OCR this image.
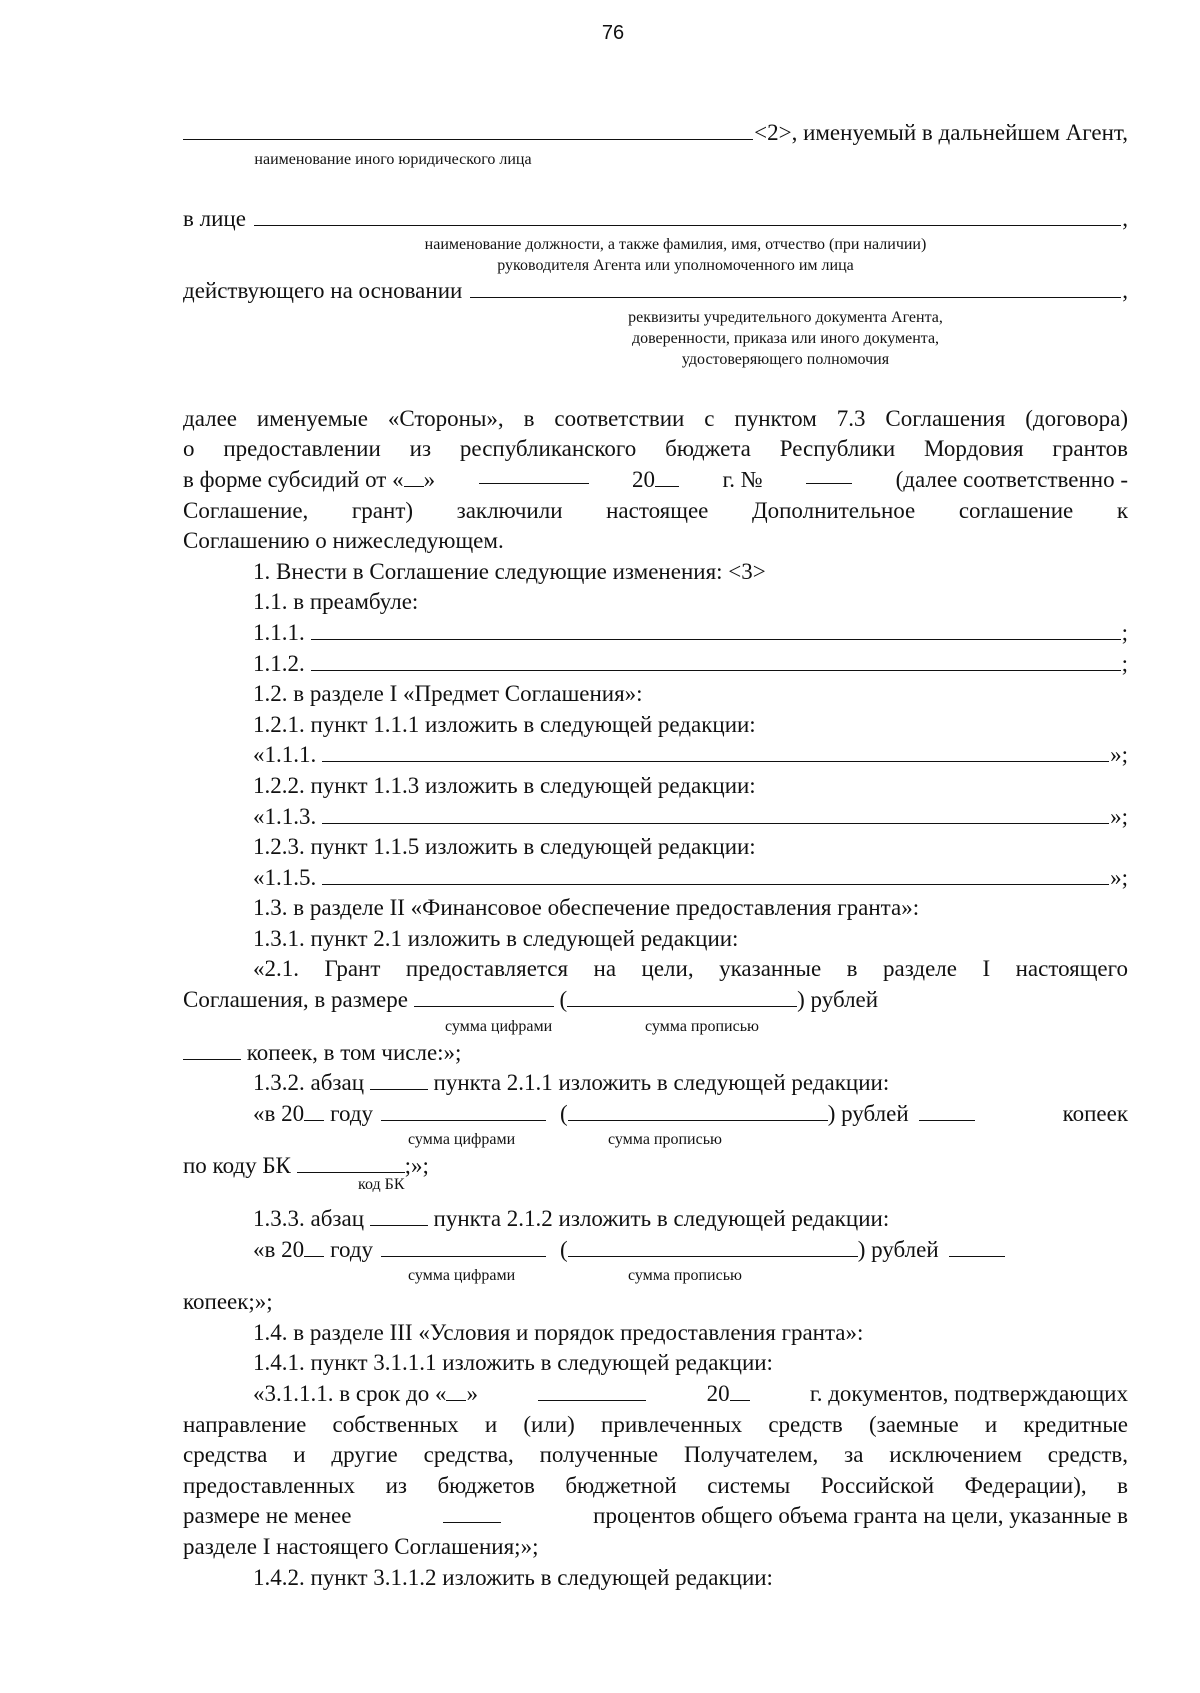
76
<2>, именуемый в дальнейшем Агент,
наименование иного юридического лица
в лице	,
наименование должности, а также фамилия, имя, отчество (при наличии)
руководителя Агента или уполномоченного им лица
действующего на основании	,
реквизиты учредительного документа Агента,
доверенности, приказа или иного документа,
удостоверяющего полномочия
далее именуемые «Стороны», в соответствии с пунктом 7.3 Соглашения (договора)
о предоставлении из республиканского бюджета Республики Мордовия грантов
в форме субсидий от « »	20	г. №	(далее соответственно -
Соглашение, грант) заключили настоящее Дополнительное соглашение к
Соглашению о нижеследующем.
1. Внести в Соглашение следующие изменения: <3>
1.1. в преамбуле:
1.1.1.	;
1.1.2.	;
1.2. в разделе I «Предмет Соглашения»:
1.2.1. пункт 1.1.1 изложить в следующей редакции:
«1.1.1.	»;
1.2.2. пункт 1.1.3 изложить в следующей редакции:
«1.1.3.	»;
1.2.3. пункт 1.1.5 изложить в следующей редакции:
«1.1.5.	»;
1.3. в разделе II «Финансовое обеспечение предоставления гранта»:
1.3.1. пункт 2.1 изложить в следующей редакции:
«2.1. Грант предоставляется на цели, указанные в разделе I настоящего
Соглашения, в размере	(	) рублей
сумма цифрами	сумма прописью
копеек, в том числе:»;
1.3.2. абзац	пункта 2.1.1 изложить в следующей редакции:
«в 20 году	(	) рублей	копеек
сумма цифрами	сумма прописью
по коду БК	;»;
код БК
1.3.3. абзац	пункта 2.1.2 изложить в следующей редакции:
«в 20 году	(	) рублей
сумма цифрами	сумма прописью
копеек;»;
1.4. в разделе III «Условия и порядок предоставления гранта»:
1.4.1. пункт 3.1.1.1 изложить в следующей редакции:
«3.1.1.1. в срок до « »	20	г. документов, подтверждающих
направление собственных и (или) привлеченных средств (заемные и кредитные
средства и другие средства, полученные Получателем, за исключением средств,
предоставленных из бюджетов бюджетной системы Российской Федерации), в
размере не менее	процентов общего объема гранта на цели, указанные в
разделе I настоящего Соглашения;»;
1.4.2. пункт 3.1.1.2 изложить в следующей редакции:
